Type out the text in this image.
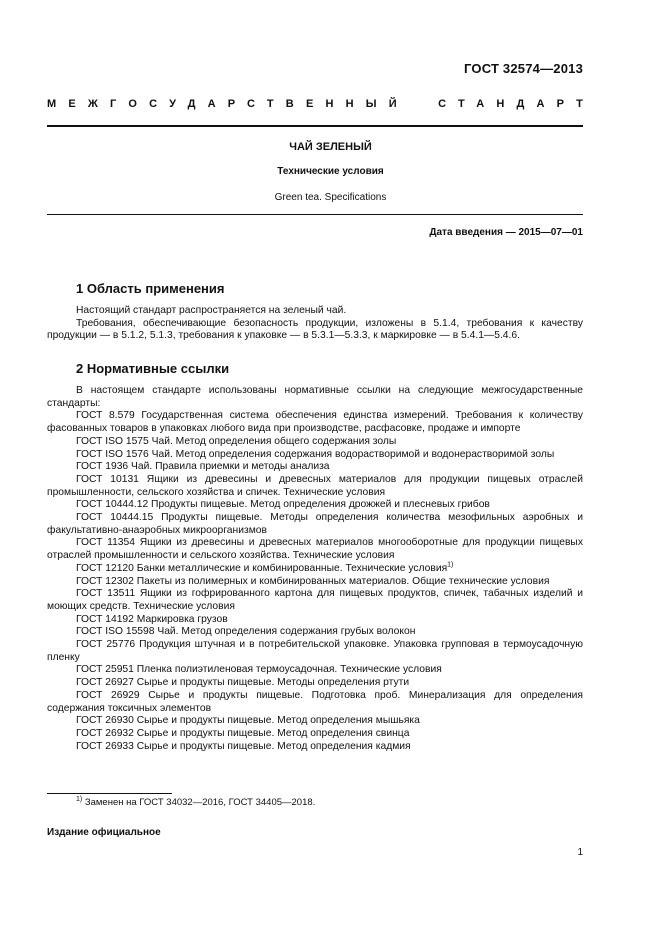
ГОСТ 32574—2013
МЕЖГОСУДАРСТВЕННЫЙ	СТАНДАРТ
ЧАЙ ЗЕЛЕНЫЙ
Технические условия
Green tea. Specifications
Дата введения — 2015—07—01
1 Область применения

Настоящий стандарт распространяется на зеленый чай.

Требования, обеспечивающие безопасность продукции, изложены в 5.1.4, требования к качеству продукции — в 5.1.2, 5.1.3, требования к упаковке — в 5.3.1—5.3.3, к маркировке — в 5.4.1—5.4.6.

2 Нормативные ссылки

В настоящем стандарте использованы нормативные ссылки на следующие межгосударственные стандарты:

ГОСТ 8.579 Государственная система обеспечения единства измерений. Требования к количеству фасованных товаров в упаковках любого вида при производстве, расфасовке, продаже и импорте

ГОСТ ISO 1575 Чай. Метод определения общего содержания золы

ГОСТ ISO 1576 Чай. Метод определения содержания водорастворимой и водонерастворимой золы

ГОСТ 1936 Чай. Правила приемки и методы анализа

ГОСТ 10131 Ящики из древесины и древесных материалов для продукции пищевых отраслей промышленности, сельского хозяйства и спичек. Технические условия

ГОСТ 10444.12 Продукты пищевые. Метод определения дрожжей и плесневых грибов

ГОСТ 10444.15 Продукты пищевые. Методы определения количества мезофильных аэробных и факультативно-анаэробных микроорганизмов

ГОСТ 11354 Ящики из древесины и древесных материалов многооборотные для продукции пищевых отраслей промышленности и сельского хозяйства. Технические условия

ГОСТ 12120 Банки металлические и комбинированные. Технические условия$^{1)}$

ГОСТ 12302 Пакеты из полимерных и комбинированных материалов. Общие технические условия

ГОСТ 13511 Ящики из гофрированного картона для пищевых продуктов, спичек, табачных изделий и моющих средств. Технические условия

ГОСТ 14192 Маркировка грузов

ГОСТ ISO 15598 Чай. Метод определения содержания грубых волокон

ГОСТ 25776 Продукция штучная и в потребительской упаковке. Упаковка групповая в термоусадочную пленку

ГОСТ 25951 Пленка полиэтиленовая термоусадочная. Технические условия

ГОСТ 26927 Сырье и продукты пищевые. Методы определения ртути

ГОСТ 26929 Сырье и продукты пищевые. Подготовка проб. Минерализация для определения содержания токсичных элементов

ГОСТ 26930 Сырье и продукты пищевые. Метод определения мышьяка

ГОСТ 26932 Сырье и продукты пищевые. Метод определения свинца

ГОСТ 26933 Сырье и продукты пищевые. Метод определения кадмия

$^{1)}$ Заменен на ГОСТ 34032—2016, ГОСТ 34405—2018.
Издание официальное
1
